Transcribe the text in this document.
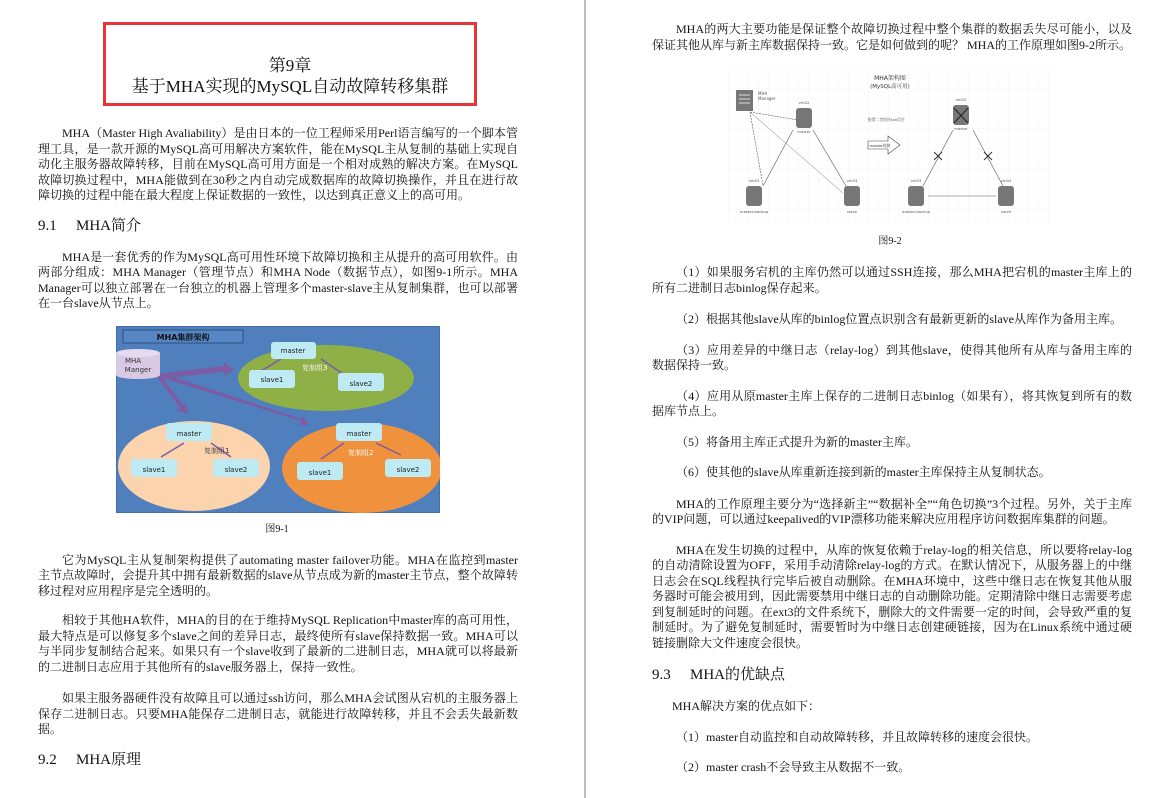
第9章
基于MHA实现的MySQL自动故障转移集群

MHA（Master High Avaliability）是由日本的一位工程师采用Perl语言编写的一个脚本管理工具，是一款开源的MySQL高可用解决方案软件，能在MySQL主从复制的基础上实现自动化主服务器故障转移，目前在MySQL高可用方面是一个相对成熟的解决方案。在MySQL故障切换过程中，MHA能做到在30秒之内自动完成数据库的故障切换操作，并且在进行故障切换的过程中能在最大程度上保证数据的一致性，以达到真正意义上的高可用。

9.1 MHA简介

MHA是一套优秀的作为MySQL高可用性环境下故障切换和主从提升的高可用软件。由两部分组成：MHA Manager（管理节点）和MHA Node（数据节点），如图9-1所示。MHA Manager可以独立部署在一台独立的机器上管理多个master-slave主从复制集群，也可以部署在一台slave从节点上。

MHA集群架构
MHA
Manger
master
slave1	slave2
master
slave1	slave2
master
slave1	slave2
复制组1	复制组2
复制组3
图9-1

它为MySQL主从复制架构提供了automating master failover功能。MHA在监控到master主节点故障时，会提升其中拥有最新数据的slave从节点成为新的master主节点，整个故障转移过程对应用程序是完全透明的。

相较于其他HA软件，MHA的目的在于维持MySQL Replication中master库的高可用性，最大特点是可以修复多个slave之间的差异日志，最终使所有slave保持数据一致。MHA可以与半同步复制结合起来。如果只有一个slave收到了最新的二进制日志，MHA就可以将最新的二进制日志应用于其他所有的slave服务器上，保持一致性。

如果主服务器硬件没有故障且可以通过ssh访问，那么MHA会试图从宕机的主服务器上保存二进制日志。只要MHA能保存二进制日志，就能进行故障转移，并且不会丢失最新数据。

9.2 MHA原理

MHA的两大主要功能是保证整个故障切换过程中整个集群的数据丢失尽可能小，以及保证其他从库与新主库数据保持一致。它是如何做到的呢？ MHA的工作原理如图9-2所示。

MHA架构图
(MySQL高可用)
MHA
Manager
vm02
master
vm03
master-backup
vm04
slave
vm02
master
vm03
master-backup
vm04
slave
配置二者间的ssh信任
master故障
图9-2

（1）如果服务宕机的主库仍然可以通过SSH连接，那么MHA把宕机的master主库上的所有二进制日志binlog保存起来。

（2）根据其他slave从库的binlog位置点识别含有最新更新的slave从库作为备用主库。

（3）应用差异的中继日志（relay-log）到其他slave，使得其他所有从库与备用主库的数据保持一致。

（4）应用从原master主库上保存的二进制日志binlog（如果有），将其恢复到所有的数据库节点上。

（5）将备用主库正式提升为新的master主库。

（6）使其他的slave从库重新连接到新的master主库保持主从复制状态。

MHA的工作原理主要分为“选择新主”“数据补全”“角色切换”3个过程。另外，关于主库的VIP问题，可以通过keepalived的VIP漂移功能来解决应用程序访问数据库集群的问题。

MHA在发生切换的过程中，从库的恢复依赖于relay-log的相关信息，所以要将relay-log的自动清除设置为OFF，采用手动清除relay-log的方式。在默认情况下，从服务器上的中继日志会在SQL线程执行完毕后被自动删除。在MHA环境中，这些中继日志在恢复其他从服务器时可能会被用到，因此需要禁用中继日志的自动删除功能。定期清除中继日志需要考虑到复制延时的问题。在ext3的文件系统下，删除大的文件需要一定的时间，会导致严重的复制延时。为了避免复制延时，需要暂时为中继日志创建硬链接，因为在Linux系统中通过硬链接删除大文件速度会很快。

9.3 MHA的优缺点

MHA解决方案的优点如下：

（1）master自动监控和自动故障转移，并且故障转移的速度会很快。

（2）master crash不会导致主从数据不一致。
